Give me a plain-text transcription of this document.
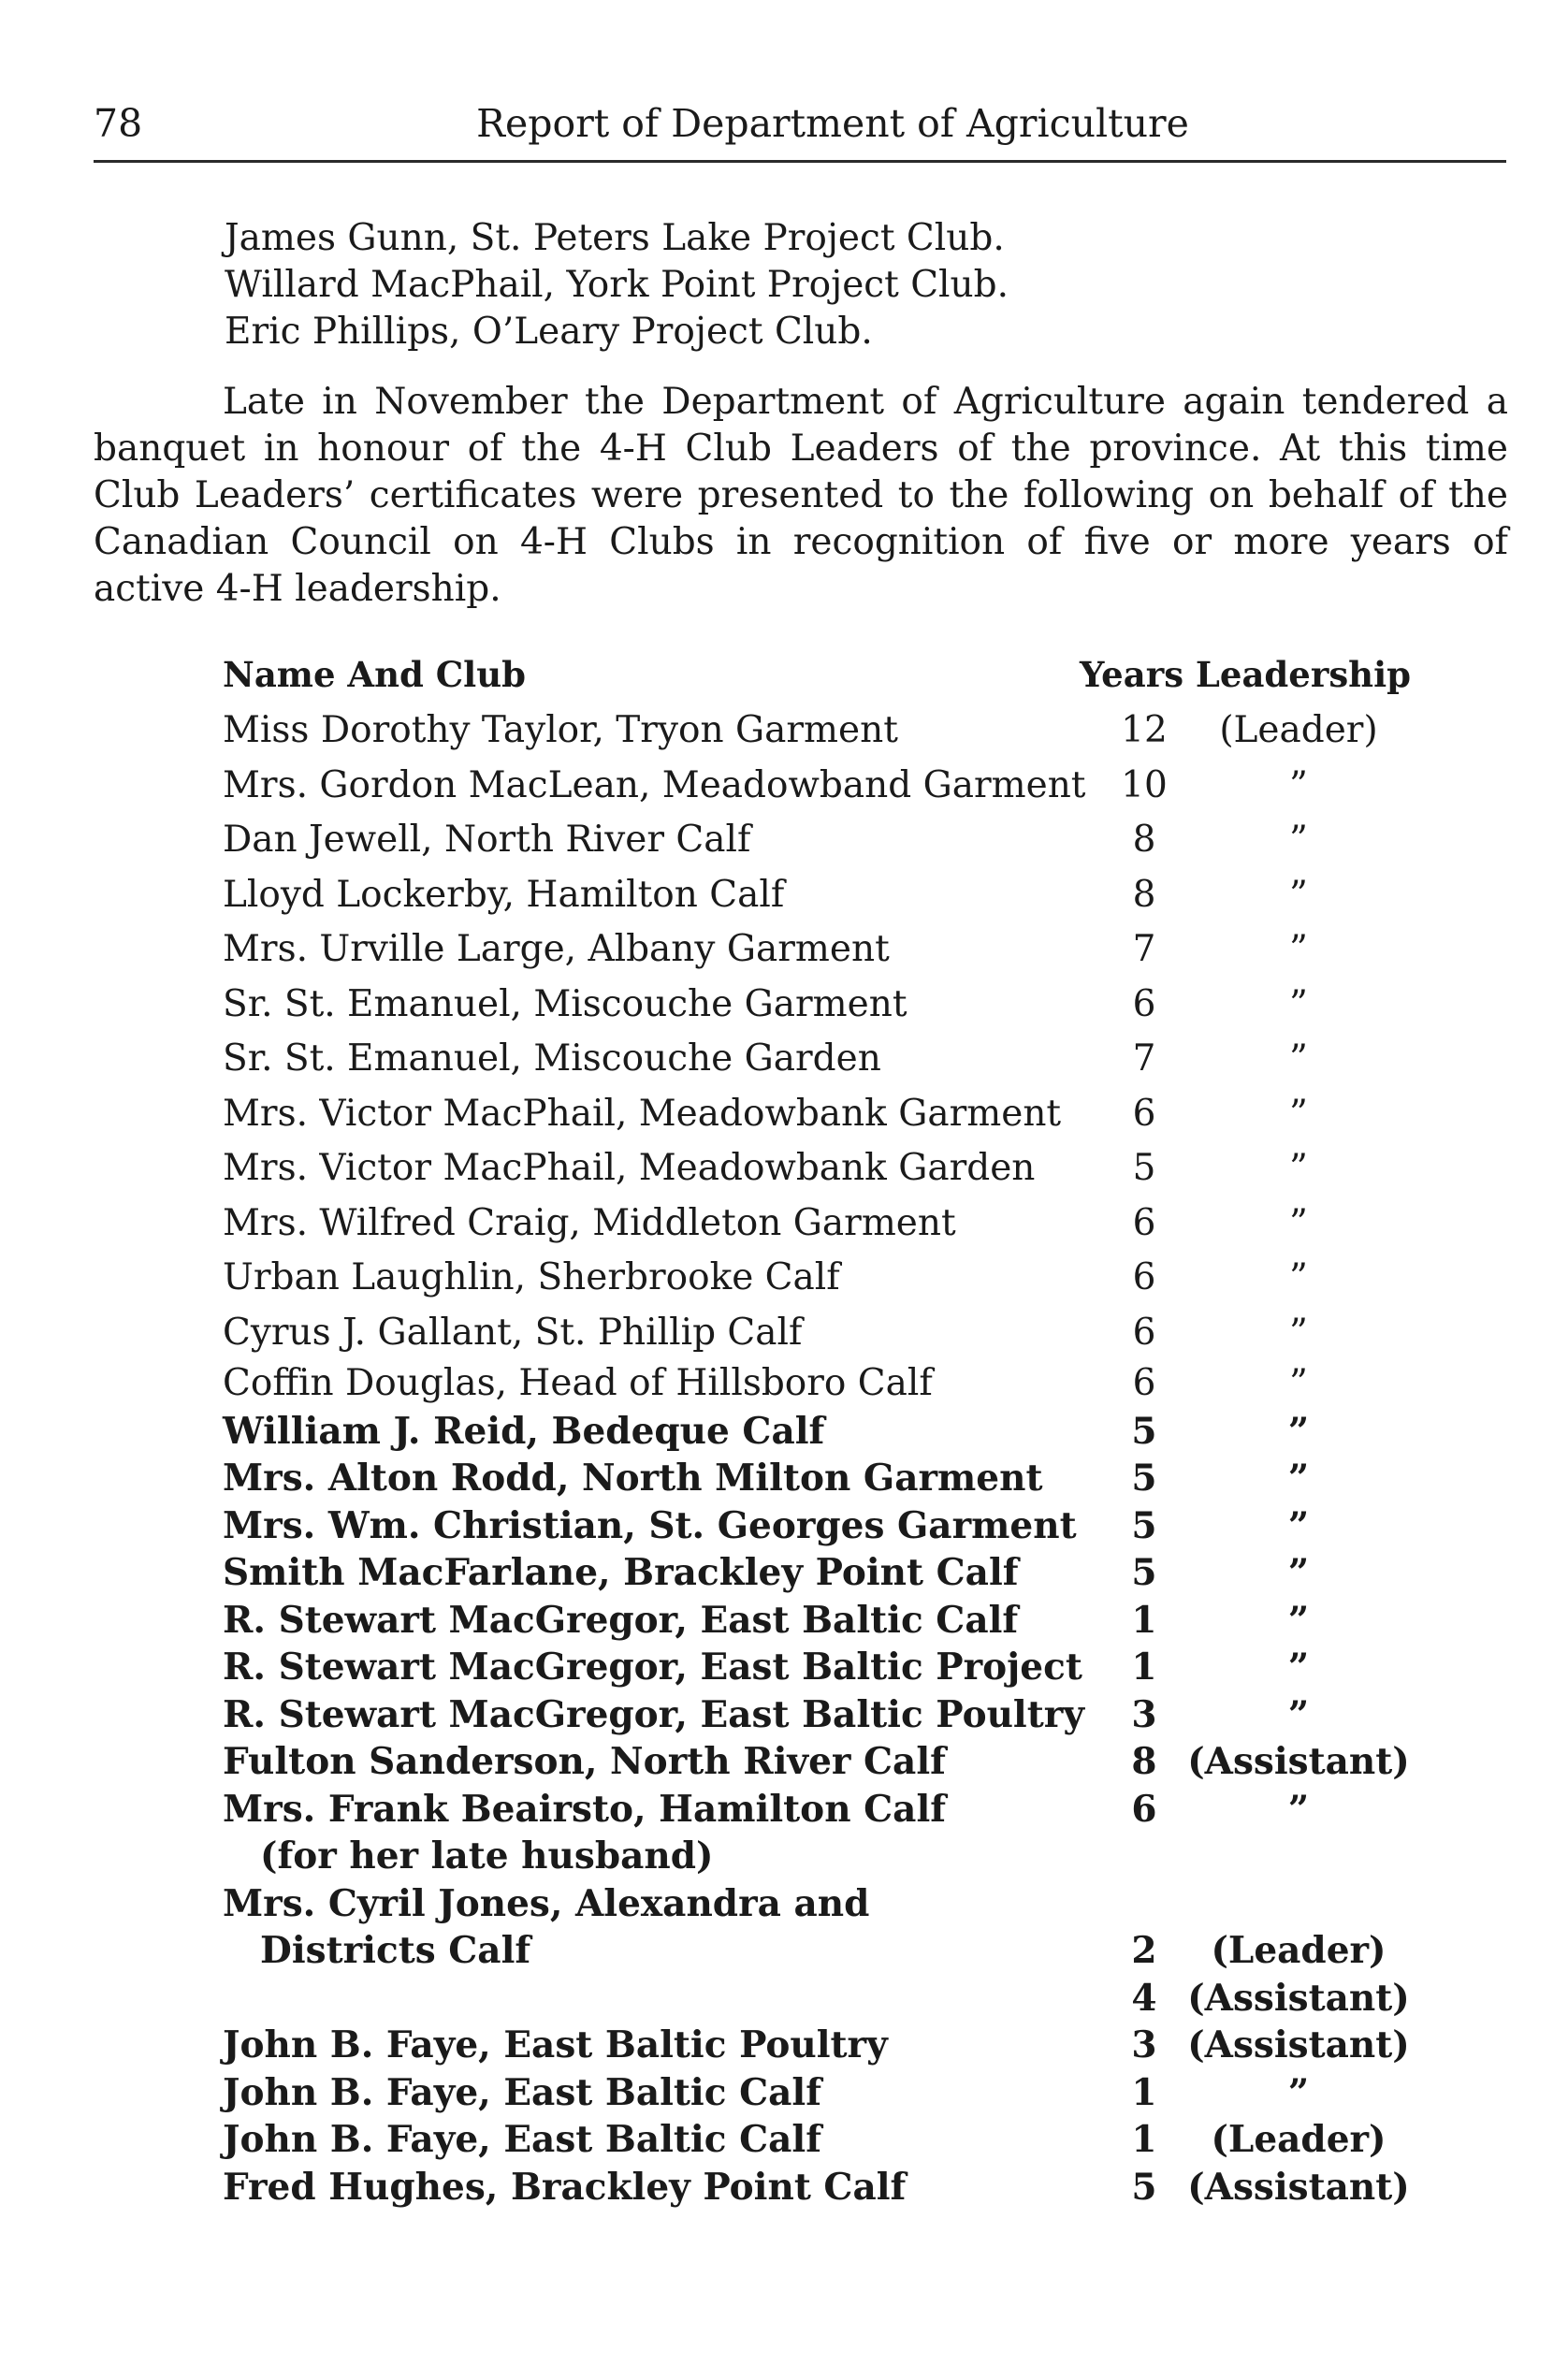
78	Report of Department of Agriculture
James Gunn, St. Peters Lake Project Club.
Willard MacPhail, York Point Project Club.
Eric Phillips, O’Leary Project Club.

Late in November the Department of Agriculture again tendered a banquet in honour of the 4-H Club Leaders of the province. At this time Club Leaders’ certificates were presented to the following on behalf of the Canadian Council on 4-H Clubs in recognition of five or more years of active 4-H leadership.

Name And Club	Years Leadership
Miss Dorothy Taylor, Tryon Garment	12	(Leader)
Mrs. Gordon MacLean, Meadowband Garment 10	”
Dan Jewell, North River Calf	8	”
Lloyd Lockerby, Hamilton Calf	8	”
Mrs. Urville Large, Albany Garment	7	”
Sr. St. Emanuel, Miscouche Garment	6	”
Sr. St. Emanuel, Miscouche Garden	7	”
Mrs. Victor MacPhail, Meadowbank Garment	6	”
Mrs. Victor MacPhail, Meadowbank Garden	5	”
Mrs. Wilfred Craig, Middleton Garment	6	”
Urban Laughlin, Sherbrooke Calf	6	”
Cyrus J. Gallant, St. Phillip Calf	6	”
Coffin Douglas, Head of Hillsboro Calf	6	”
William J. Reid, Bedeque Calf	5	”
Mrs. Alton Rodd, North Milton Garment	5	”
Mrs. Wm. Christian, St. Georges Garment	5	”
Smith MacFarlane, Brackley Point Calf	5	”
R. Stewart MacGregor, East Baltic Calf	1	”
R. Stewart MacGregor, East Baltic Project	1	”
R. Stewart MacGregor, East Baltic Poultry	3	”
Fulton Sanderson, North River Calf	8 (Assistant)
Mrs. Frank Beairsto, Hamilton Calf	6	”
(for her late husband)
Mrs. Cyril Jones, Alexandra and
Districts Calf	2	(Leader)
4 (Assistant)
John B. Faye, East Baltic Poultry	3 (Assistant)
John B. Faye, East Baltic Calf	1	”
John B. Faye, East Baltic Calf	1	(Leader)
Fred Hughes, Brackley Point Calf	5 (Assistant)
